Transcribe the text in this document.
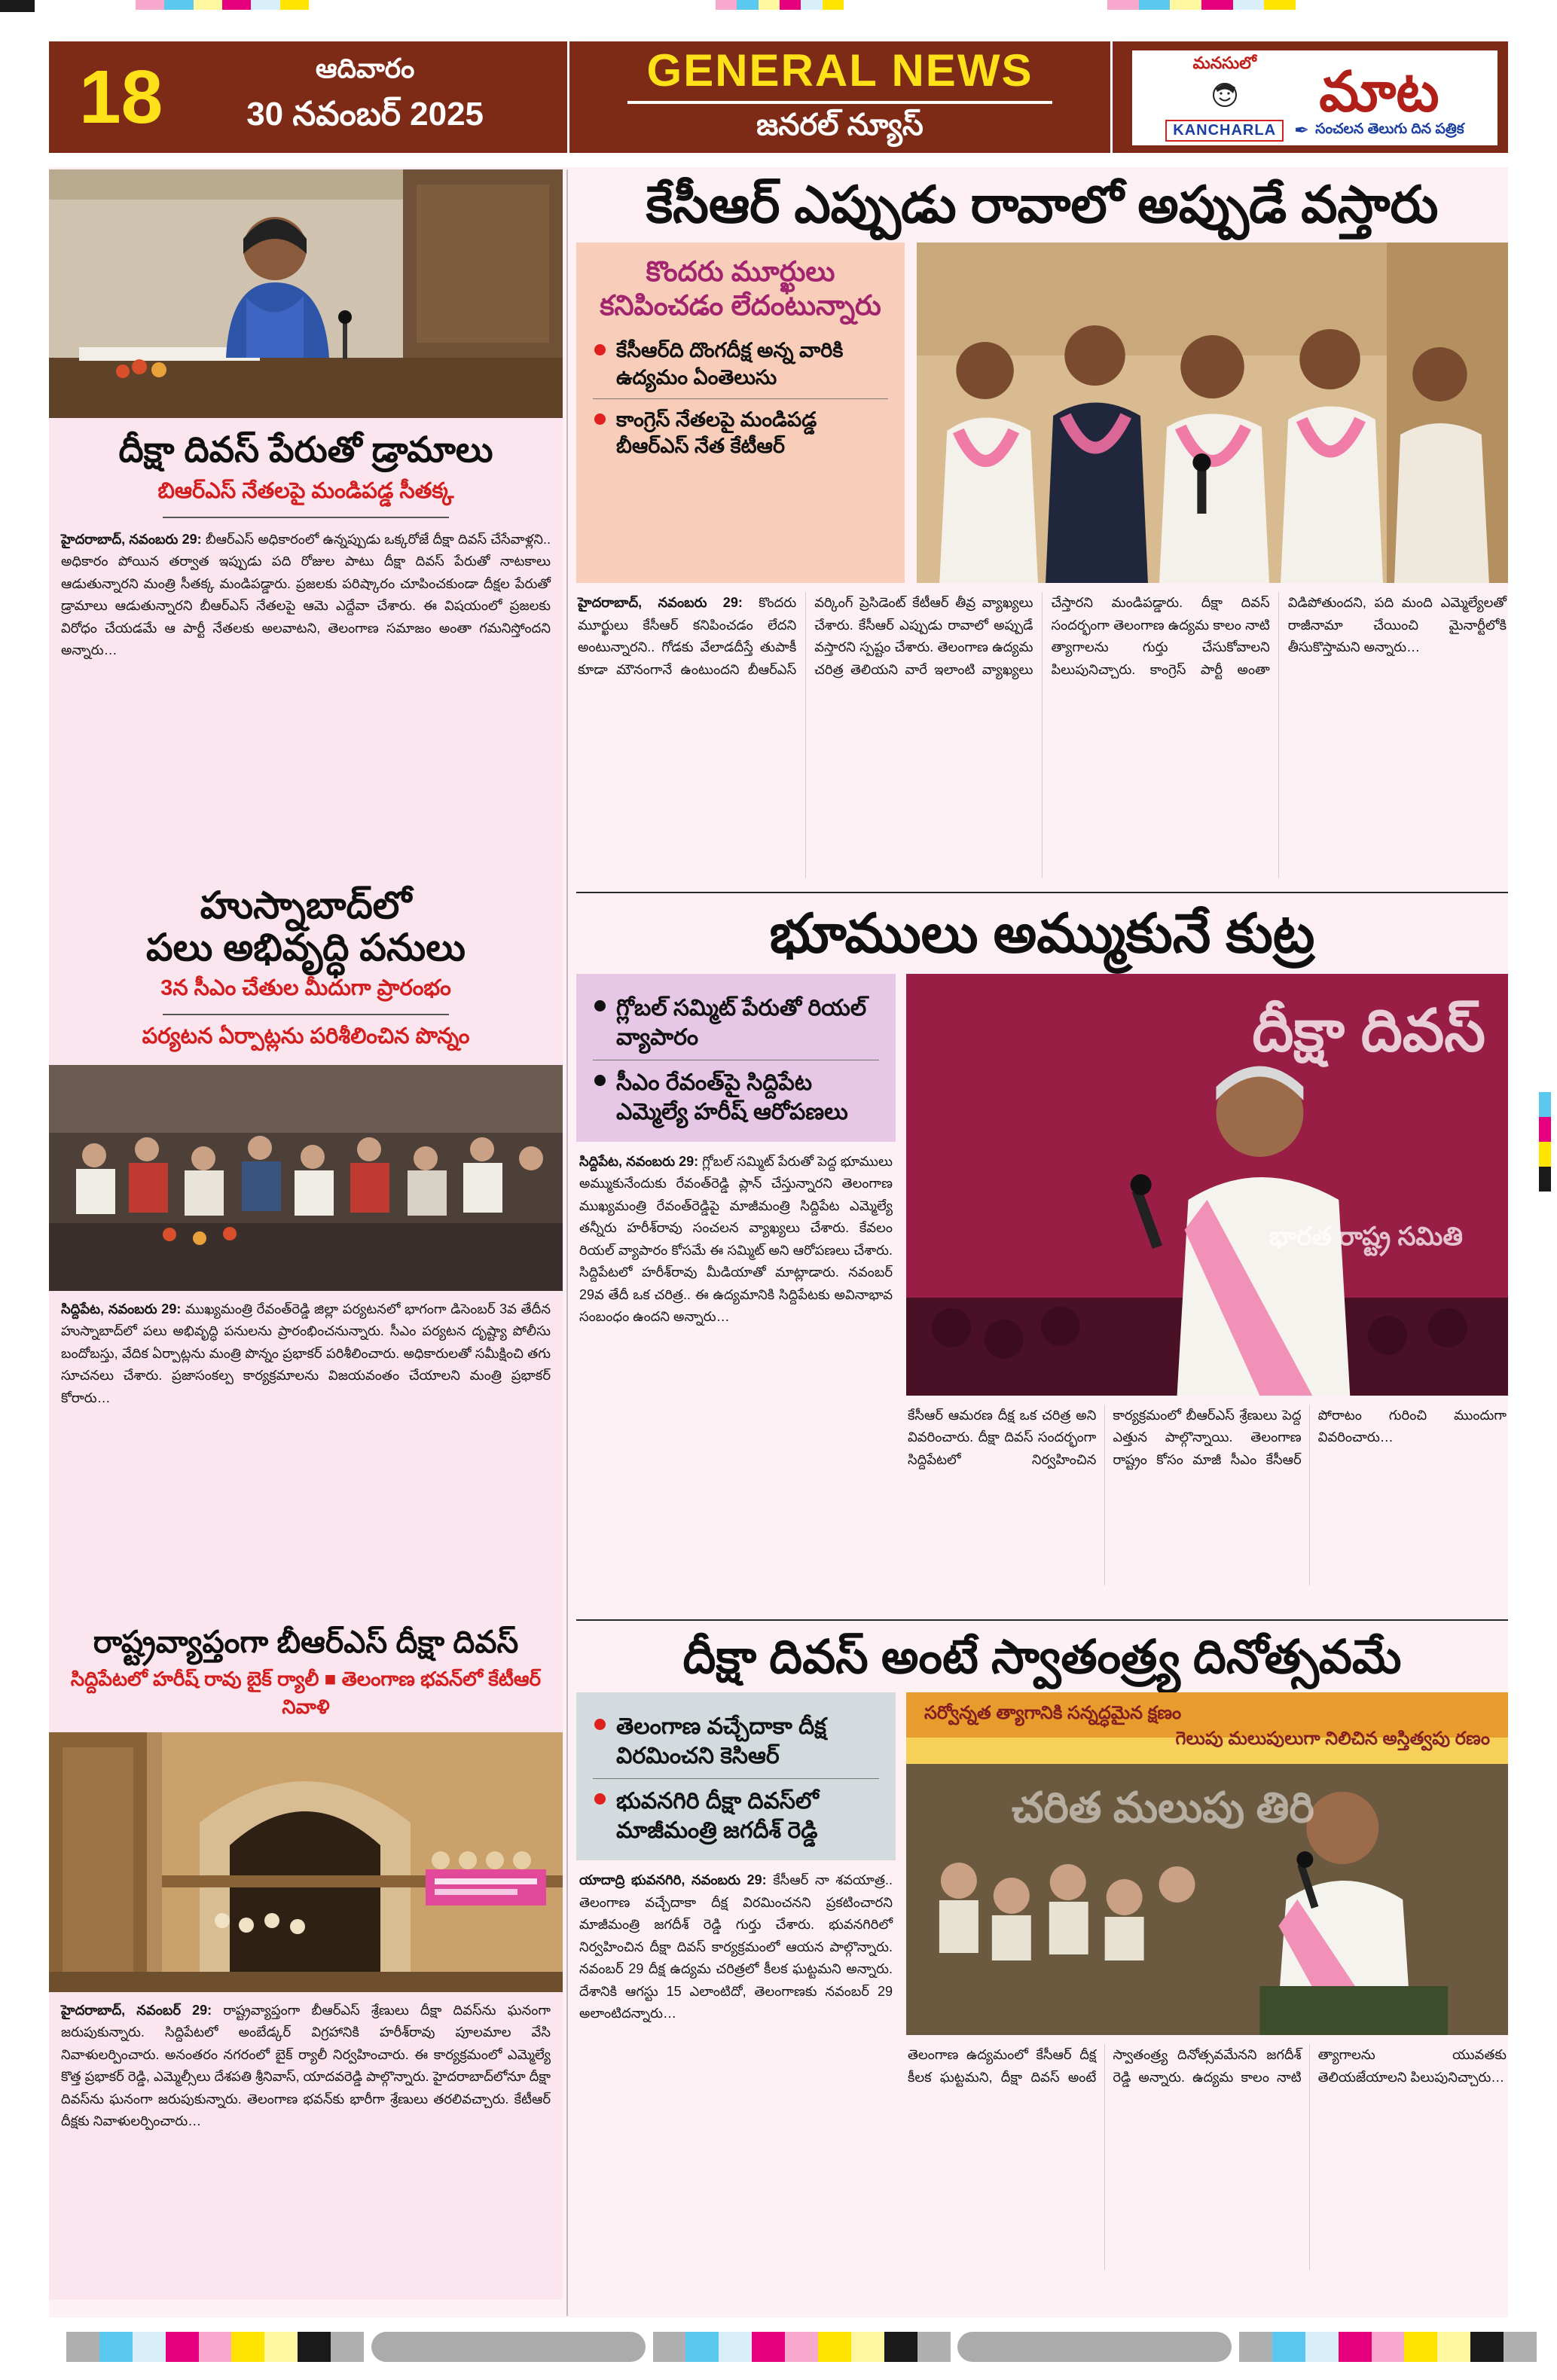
18	ఆదివారం
30 నవంబర్ 2025
GENERAL NEWS
జనరల్ న్యూస్
మనసులో
KANCHARLA
మాట
✒ సంచలన తెలుగు దిన పత్రిక
దీక్షా దివస్ పేరుతో డ్రామాలు
బిఆర్ఎస్ నేతలపై మండిపడ్డ సీతక్క
హైదరాబాద్, నవంబరు 29: బీఆర్ఎస్ అధికారంలో ఉన్నప్పుడు ఒక్కరోజే దీక్షా దివస్ చేసేవాళ్లని.. అధికారం పోయిన తర్వాత ఇప్పుడు పది రోజుల పాటు దీక్షా దివస్ పేరుతో నాటకాలు ఆడుతున్నారని మంత్రి సీతక్క మండిపడ్డారు. ప్రజలకు పరిష్కారం చూపించకుండా దీక్షల పేరుతో డ్రామాలు ఆడుతున్నారని బీఆర్ఎస్ నేతలపై ఆమె ఎద్దేవా చేశారు. ఈ విషయంలో ప్రజలకు విరోధం చేయడమే ఆ పార్టీ నేతలకు అలవాటని, తెలంగాణ సమాజం అంతా గమనిస్తోందని అన్నారు…
హుస్నాబాద్‌లో
పలు అభివృద్ధి పనులు
3న సీఎం చేతుల మీదుగా ప్రారంభం
పర్యటన ఏర్పాట్లను పరిశీలించిన పొన్నం
సిద్దిపేట, నవంబరు 29: ముఖ్యమంత్రి రేవంత్‌రెడ్డి జిల్లా పర్యటనలో భాగంగా డిసెంబర్ 3వ తేదీన హుస్నాబాద్‌లో పలు అభివృద్ధి పనులను ప్రారంభించనున్నారు. సీఎం పర్యటన దృష్ట్యా పోలీసు బందోబస్తు, వేదిక ఏర్పాట్లను మంత్రి పొన్నం ప్రభాకర్ పరిశీలించారు. అధికారులతో సమీక్షించి తగు సూచనలు చేశారు. ప్రజాసంకల్ప కార్యక్రమాలను విజయవంతం చేయాలని మంత్రి ప్రభాకర్ కోరారు…
రాష్ట్రవ్యాప్తంగా బీఆర్ఎస్ దీక్షా దివస్
సిద్దిపేటలో హరీష్ రావు బైక్ ర్యాలీ ■ తెలంగాణ భవన్‌లో కేటీఆర్ నివాళి
హైదరాబాద్, నవంబర్ 29: రాష్ట్రవ్యాప్తంగా బీఆర్ఎస్ శ్రేణులు దీక్షా దివస్‌ను ఘనంగా జరుపుకున్నారు. సిద్దిపేటలో అంబేడ్కర్ విగ్రహానికి హరీశ్‌రావు పూలమాల వేసి నివాళులర్పించారు. అనంతరం నగరంలో బైక్ ర్యాలీ నిర్వహించారు. ఈ కార్యక్రమంలో ఎమ్మెల్యే కొత్త ప్రభాకర్ రెడ్డి, ఎమ్మెల్సీలు దేశపతి శ్రీనివాస్, యాదవరెడ్డి పాల్గొన్నారు. హైదరాబాద్‌లోనూ దీక్షా దివస్‌ను ఘనంగా జరుపుకున్నారు. తెలంగాణ భవన్‌కు భారీగా శ్రేణులు తరలివచ్చారు. కేటీఆర్ దీక్షకు నివాళులర్పించారు…
కేసీఆర్ ఎప్పుడు రావాలో అప్పుడే వస్తారు
కొందరు మూర్ఖులు కనిపించడం లేదంటున్నారు
కేసీఆర్‌ది దొంగదీక్ష అన్న వారికి ఉద్యమం ఏంతెలుసు
కాంగ్రెస్ నేతలపై మండిపడ్డ బీఆర్ఎస్ నేత కేటీఆర్
హైదరాబాద్, నవంబరు 29: కొందరు మూర్ఖులు కేసీఆర్ కనిపించడం లేదని అంటున్నారని.. గోడకు వేలాడదీస్తే తుపాకీ కూడా మౌనంగానే ఉంటుందని బీఆర్ఎస్ వర్కింగ్ ప్రెసిడెంట్ కేటీఆర్ తీవ్ర వ్యాఖ్యలు చేశారు. కేసీఆర్ ఎప్పుడు రావాలో అప్పుడే వస్తారని స్పష్టం చేశారు. తెలంగాణ ఉద్యమ చరిత్ర తెలియని వారే ఇలాంటి వ్యాఖ్యలు చేస్తారని మండిపడ్డారు. దీక్షా దివస్ సందర్భంగా తెలంగాణ ఉద్యమ కాలం నాటి త్యాగాలను గుర్తు చేసుకోవాలని పిలుపునిచ్చారు. కాంగ్రెస్ పార్టీ అంతా విడిపోతుందని, పది మంది ఎమ్మెల్యేలతో రాజీనామా చేయించి మైనార్టీలోకి తీసుకొస్తామని అన్నారు…
భూములు అమ్ముకునే కుట్ర
గ్లోబల్ సమ్మిట్ పేరుతో రియల్ వ్యాపారం
సీఎం రేవంత్‌పై సిద్దిపేట ఎమ్మెల్యే హరీష్ ఆరోపణలు
సిద్దిపేట, నవంబరు 29: గ్లోబల్ సమ్మిట్ పేరుతో పెద్ద భూములు అమ్ముకునేందుకు రేవంత్‌రెడ్డి ప్లాన్ చేస్తున్నారని తెలంగాణ ముఖ్యమంత్రి రేవంత్‌రెడ్డిపై మాజీమంత్రి సిద్దిపేట ఎమ్మెల్యే తన్నీరు హరీశ్‌రావు సంచలన వ్యాఖ్యలు చేశారు. కేవలం రియల్ వ్యాపారం కోసమే ఈ సమ్మిట్ అని ఆరోపణలు చేశారు. సిద్దిపేటలో హరీశ్‌రావు మీడియాతో మాట్లాడారు. నవంబర్ 29వ తేదీ ఒక చరిత్ర.. ఈ ఉద్యమానికి సిద్దిపేటకు అవినాభావ సంబంధం ఉందని అన్నారు…
దీక్షా దివస్
భారత రాష్ట్ర సమితి
కేసీఆర్ ఆమరణ దీక్ష ఒక చరిత్ర అని వివరించారు. దీక్షా దివస్ సందర్భంగా సిద్దిపేటలో నిర్వహించిన కార్యక్రమంలో బీఆర్ఎస్ శ్రేణులు పెద్ద ఎత్తున పాల్గొన్నాయి. తెలంగాణ రాష్ట్రం కోసం మాజీ సీఎం కేసీఆర్ పోరాటం గురించి ముందుగా వివరించారు…
దీక్షా దివస్ అంటే స్వాతంత్ర్య దినోత్సవమే
తెలంగాణ వచ్చేదాకా దీక్ష విరమించని కెసిఆర్
భువనగిరి దీక్షా దివస్‌లో మాజీమంత్రి జగదీశ్ రెడ్డి
యాదాద్రి భువనగిరి, నవంబరు 29: కేసీఆర్ నా శవయాత్ర.. తెలంగాణ వచ్చేదాకా దీక్ష విరమించనని ప్రకటించారని మాజీమంత్రి జగదీశ్ రెడ్డి గుర్తు చేశారు. భువనగిరిలో నిర్వహించిన దీక్షా దివస్ కార్యక్రమంలో ఆయన పాల్గొన్నారు. నవంబర్ 29 దీక్ష ఉద్యమ చరిత్రలో కీలక ఘట్టమని అన్నారు. దేశానికి ఆగస్టు 15 ఎలాంటిదో, తెలంగాణకు నవంబర్ 29 అలాంటిదన్నారు…
సర్వోన్నత త్యాగానికి సన్నద్ధమైన క్షణం
గెలుపు మలుపులుగా నిలిచిన అస్తిత్వపు రణం
చరిత మలుపు తిరి
తెలంగాణ ఉద్యమంలో కేసీఆర్ దీక్ష కీలక ఘట్టమని, దీక్షా దివస్ అంటే స్వాతంత్ర్య దినోత్సవమేనని జగదీశ్ రెడ్డి అన్నారు. ఉద్యమ కాలం నాటి త్యాగాలను యువతకు తెలియజేయాలని పిలుపునిచ్చారు…
